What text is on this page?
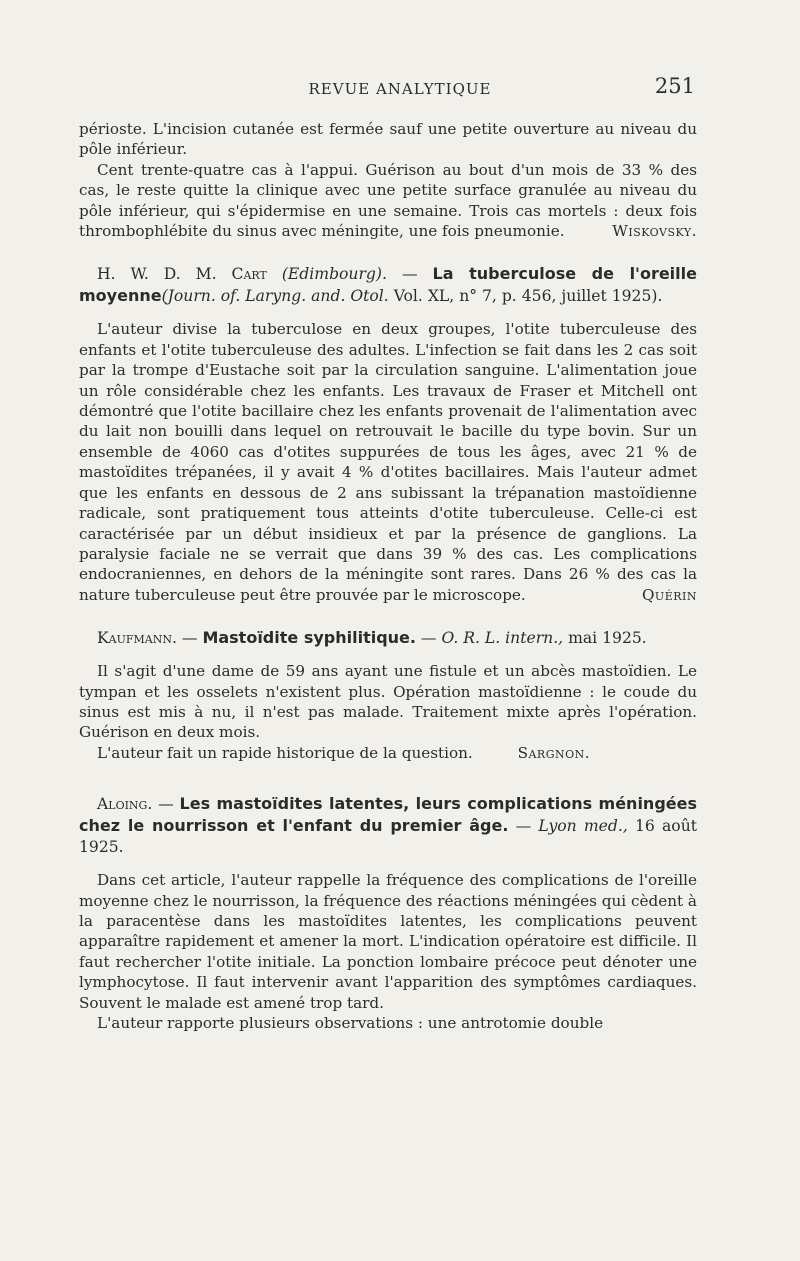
REVUE ANALYTIQUE	251

périoste. L'incision cutanée est fermée sauf une petite ouverture au niveau du pôle inférieur.

Cent trente-quatre cas à l'appui. Guérison au bout d'un mois de 33 % des cas, le reste quitte la clinique avec une petite surface granulée au niveau du pôle inférieur, qui s'épidermise en une semaine. Trois cas mortels : deux fois thrombophlébite du sinus avec méningite, une fois pneumonie.	Wiskovsky.

H. W. D. M. Cart (Edimbourg). — La tuberculose de l'oreille moyenne(Journ. of. Laryng. and. Otol. Vol. XL, n° 7, p. 456, juillet 1925).

L'auteur divise la tuberculose en deux groupes, l'otite tuberculeuse des enfants et l'otite tuberculeuse des adultes. L'infection se fait dans les 2 cas soit par la trompe d'Eustache soit par la circulation sanguine. L'alimentation joue un rôle considérable chez les enfants. Les travaux de Fraser et Mitchell ont démontré que l'otite bacillaire chez les enfants provenait de l'alimentation avec du lait non bouilli dans lequel on retrouvait le bacille du type bovin. Sur un ensemble de 4060 cas d'otites suppurées de tous les âges, avec 21 % de mastoïdites trépanées, il y avait 4 % d'otites bacillaires. Mais l'auteur admet que les enfants en dessous de 2 ans subissant la trépanation mastoïdienne radicale, sont pratiquement tous atteints d'otite tuberculeuse. Celle-ci est caractérisée par un début insidieux et par la présence de ganglions. La paralysie faciale ne se verrait que dans 39 % des cas. Les complications endocraniennes, en dehors de la méningite sont rares. Dans 26 % des cas la nature tuberculeuse peut être prouvée par le microscope.	Quérin

Kaufmann. — Mastoïdite syphilitique. — O. R. L. intern., mai 1925.

Il s'agit d'une dame de 59 ans ayant une fistule et un abcès mastoïdien. Le tympan et les osselets n'existent plus. Opération mastoïdienne : le coude du sinus est mis à nu, il n'est pas malade. Traitement mixte après l'opération. Guérison en deux mois.

L'auteur fait un rapide historique de la question.	Sargnon.

Aloing. — Les mastoïdites latentes, leurs complications méningées chez le nourrisson et l'enfant du premier âge. — Lyon med., 16 août 1925.

Dans cet article, l'auteur rappelle la fréquence des complications de l'oreille moyenne chez le nourrisson, la fréquence des réactions méningées qui cèdent à la paracentèse dans les mastoïdites latentes, les complications peuvent apparaître rapidement et amener la mort. L'indication opératoire est difficile. Il faut rechercher l'otite initiale. La ponction lombaire précoce peut dénoter une lymphocytose. Il faut intervenir avant l'apparition des symptômes cardiaques. Souvent le malade est amené trop tard.

L'auteur rapporte plusieurs observations : une antrotomie double
